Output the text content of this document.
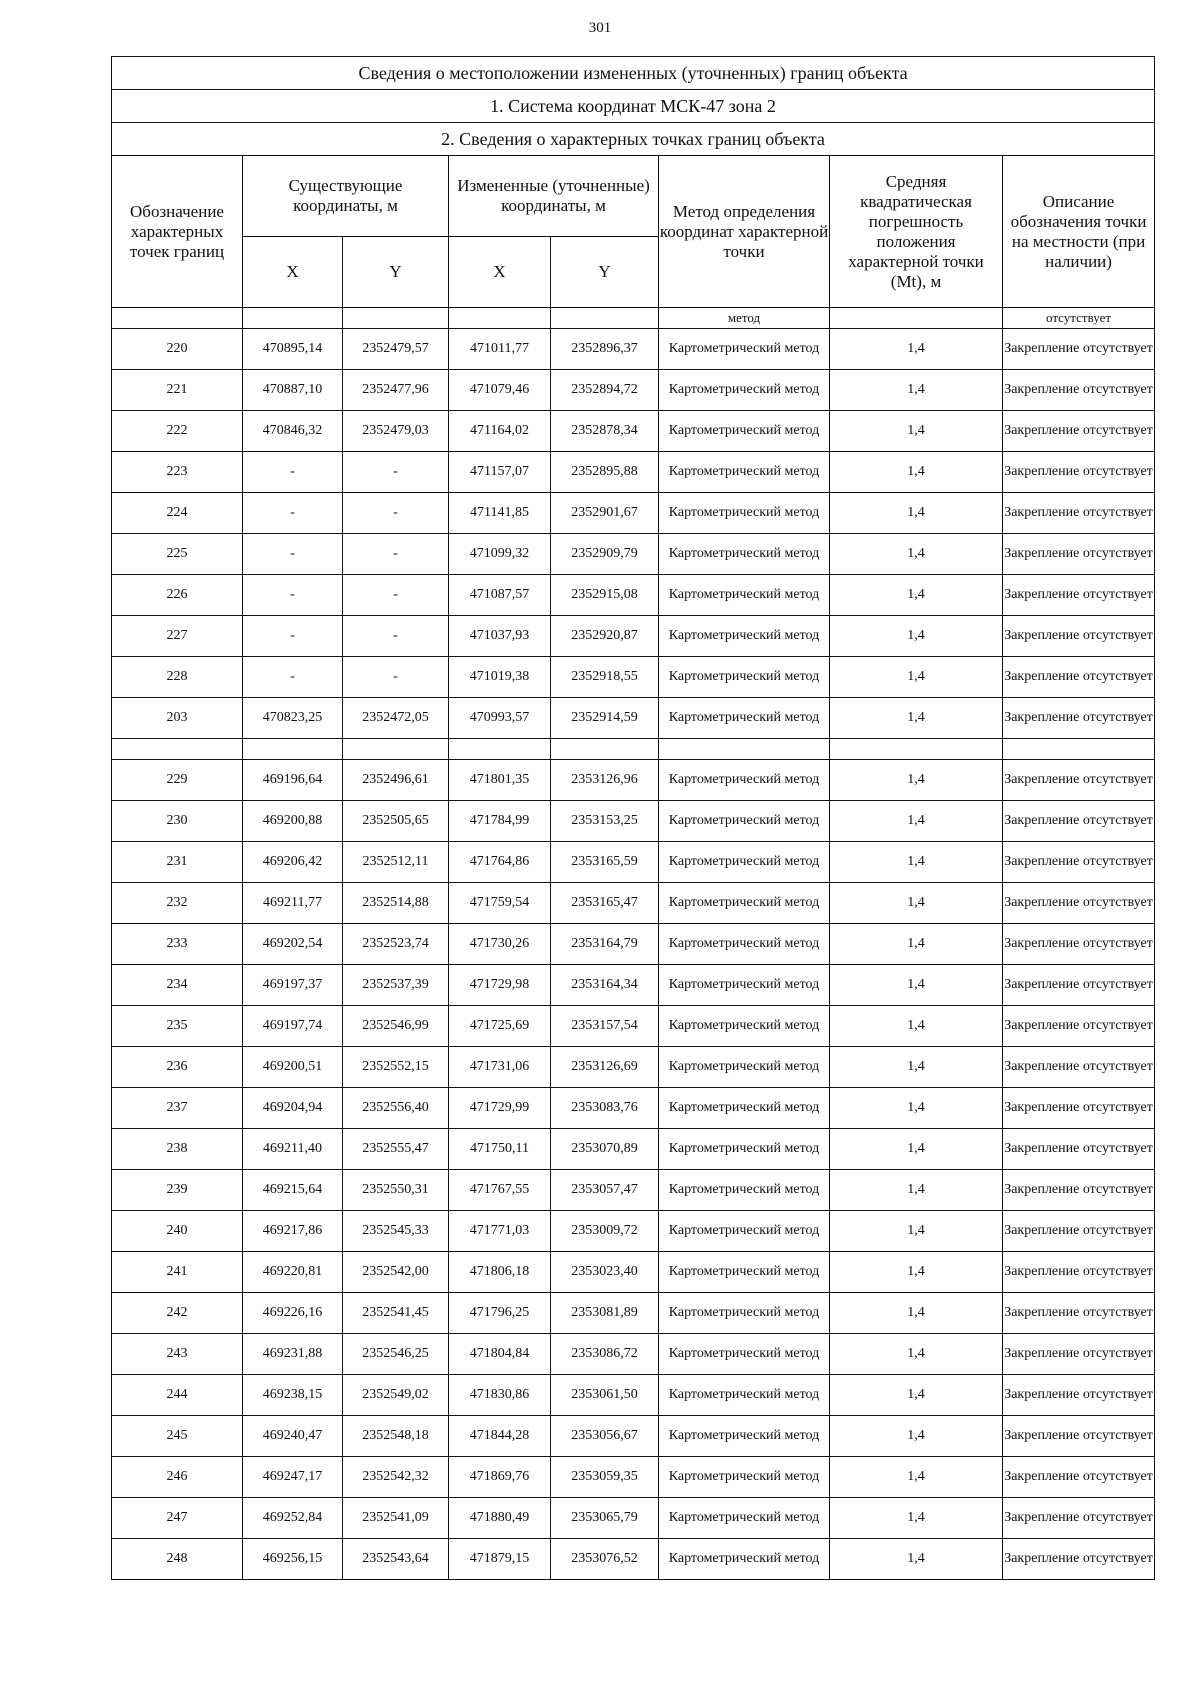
301
Сведения о местоположении измененных (уточненных) границ объекта							
1. Система координат МСК-47 зона 2							
2. Сведения о характерных точках границ объекта							
Обозначение характерных точек границ	Существующие координаты, м		Измененные (уточненные) координаты, м		Метод определения координат характерной точки	Средняя квадратическая погрешность положения характерной точки (Mt), м	Описание обозначения точки на местности (при наличии)
	X	Y	X	Y			
					метод		отсутствует
220	470895,14	2352479,57	471011,77	2352896,37	Картометрический метод	1,4	Закрепление отсутствует
221	470887,10	2352477,96	471079,46	2352894,72	Картометрический метод	1,4	Закрепление отсутствует
222	470846,32	2352479,03	471164,02	2352878,34	Картометрический метод	1,4	Закрепление отсутствует
223	-	-	471157,07	2352895,88	Картометрический метод	1,4	Закрепление отсутствует
224	-	-	471141,85	2352901,67	Картометрический метод	1,4	Закрепление отсутствует
225	-	-	471099,32	2352909,79	Картометрический метод	1,4	Закрепление отсутствует
226	-	-	471087,57	2352915,08	Картометрический метод	1,4	Закрепление отсутствует
227	-	-	471037,93	2352920,87	Картометрический метод	1,4	Закрепление отсутствует
228	-	-	471019,38	2352918,55	Картометрический метод	1,4	Закрепление отсутствует
203	470823,25	2352472,05	470993,57	2352914,59	Картометрический метод	1,4	Закрепление отсутствует

229	469196,64	2352496,61	471801,35	2353126,96	Картометрический метод	1,4	Закрепление отсутствует
230	469200,88	2352505,65	471784,99	2353153,25	Картометрический метод	1,4	Закрепление отсутствует
231	469206,42	2352512,11	471764,86	2353165,59	Картометрический метод	1,4	Закрепление отсутствует
232	469211,77	2352514,88	471759,54	2353165,47	Картометрический метод	1,4	Закрепление отсутствует
233	469202,54	2352523,74	471730,26	2353164,79	Картометрический метод	1,4	Закрепление отсутствует
234	469197,37	2352537,39	471729,98	2353164,34	Картометрический метод	1,4	Закрепление отсутствует
235	469197,74	2352546,99	471725,69	2353157,54	Картометрический метод	1,4	Закрепление отсутствует
236	469200,51	2352552,15	471731,06	2353126,69	Картометрический метод	1,4	Закрепление отсутствует
237	469204,94	2352556,40	471729,99	2353083,76	Картометрический метод	1,4	Закрепление отсутствует
238	469211,40	2352555,47	471750,11	2353070,89	Картометрический метод	1,4	Закрепление отсутствует
239	469215,64	2352550,31	471767,55	2353057,47	Картометрический метод	1,4	Закрепление отсутствует
240	469217,86	2352545,33	471771,03	2353009,72	Картометрический метод	1,4	Закрепление отсутствует
241	469220,81	2352542,00	471806,18	2353023,40	Картометрический метод	1,4	Закрепление отсутствует
242	469226,16	2352541,45	471796,25	2353081,89	Картометрический метод	1,4	Закрепление отсутствует
243	469231,88	2352546,25	471804,84	2353086,72	Картометрический метод	1,4	Закрепление отсутствует
244	469238,15	2352549,02	471830,86	2353061,50	Картометрический метод	1,4	Закрепление отсутствует
245	469240,47	2352548,18	471844,28	2353056,67	Картометрический метод	1,4	Закрепление отсутствует
246	469247,17	2352542,32	471869,76	2353059,35	Картометрический метод	1,4	Закрепление отсутствует
247	469252,84	2352541,09	471880,49	2353065,79	Картометрический метод	1,4	Закрепление отсутствует
248	469256,15	2352543,64	471879,15	2353076,52	Картометрический метод	1,4	Закрепление отсутствует
